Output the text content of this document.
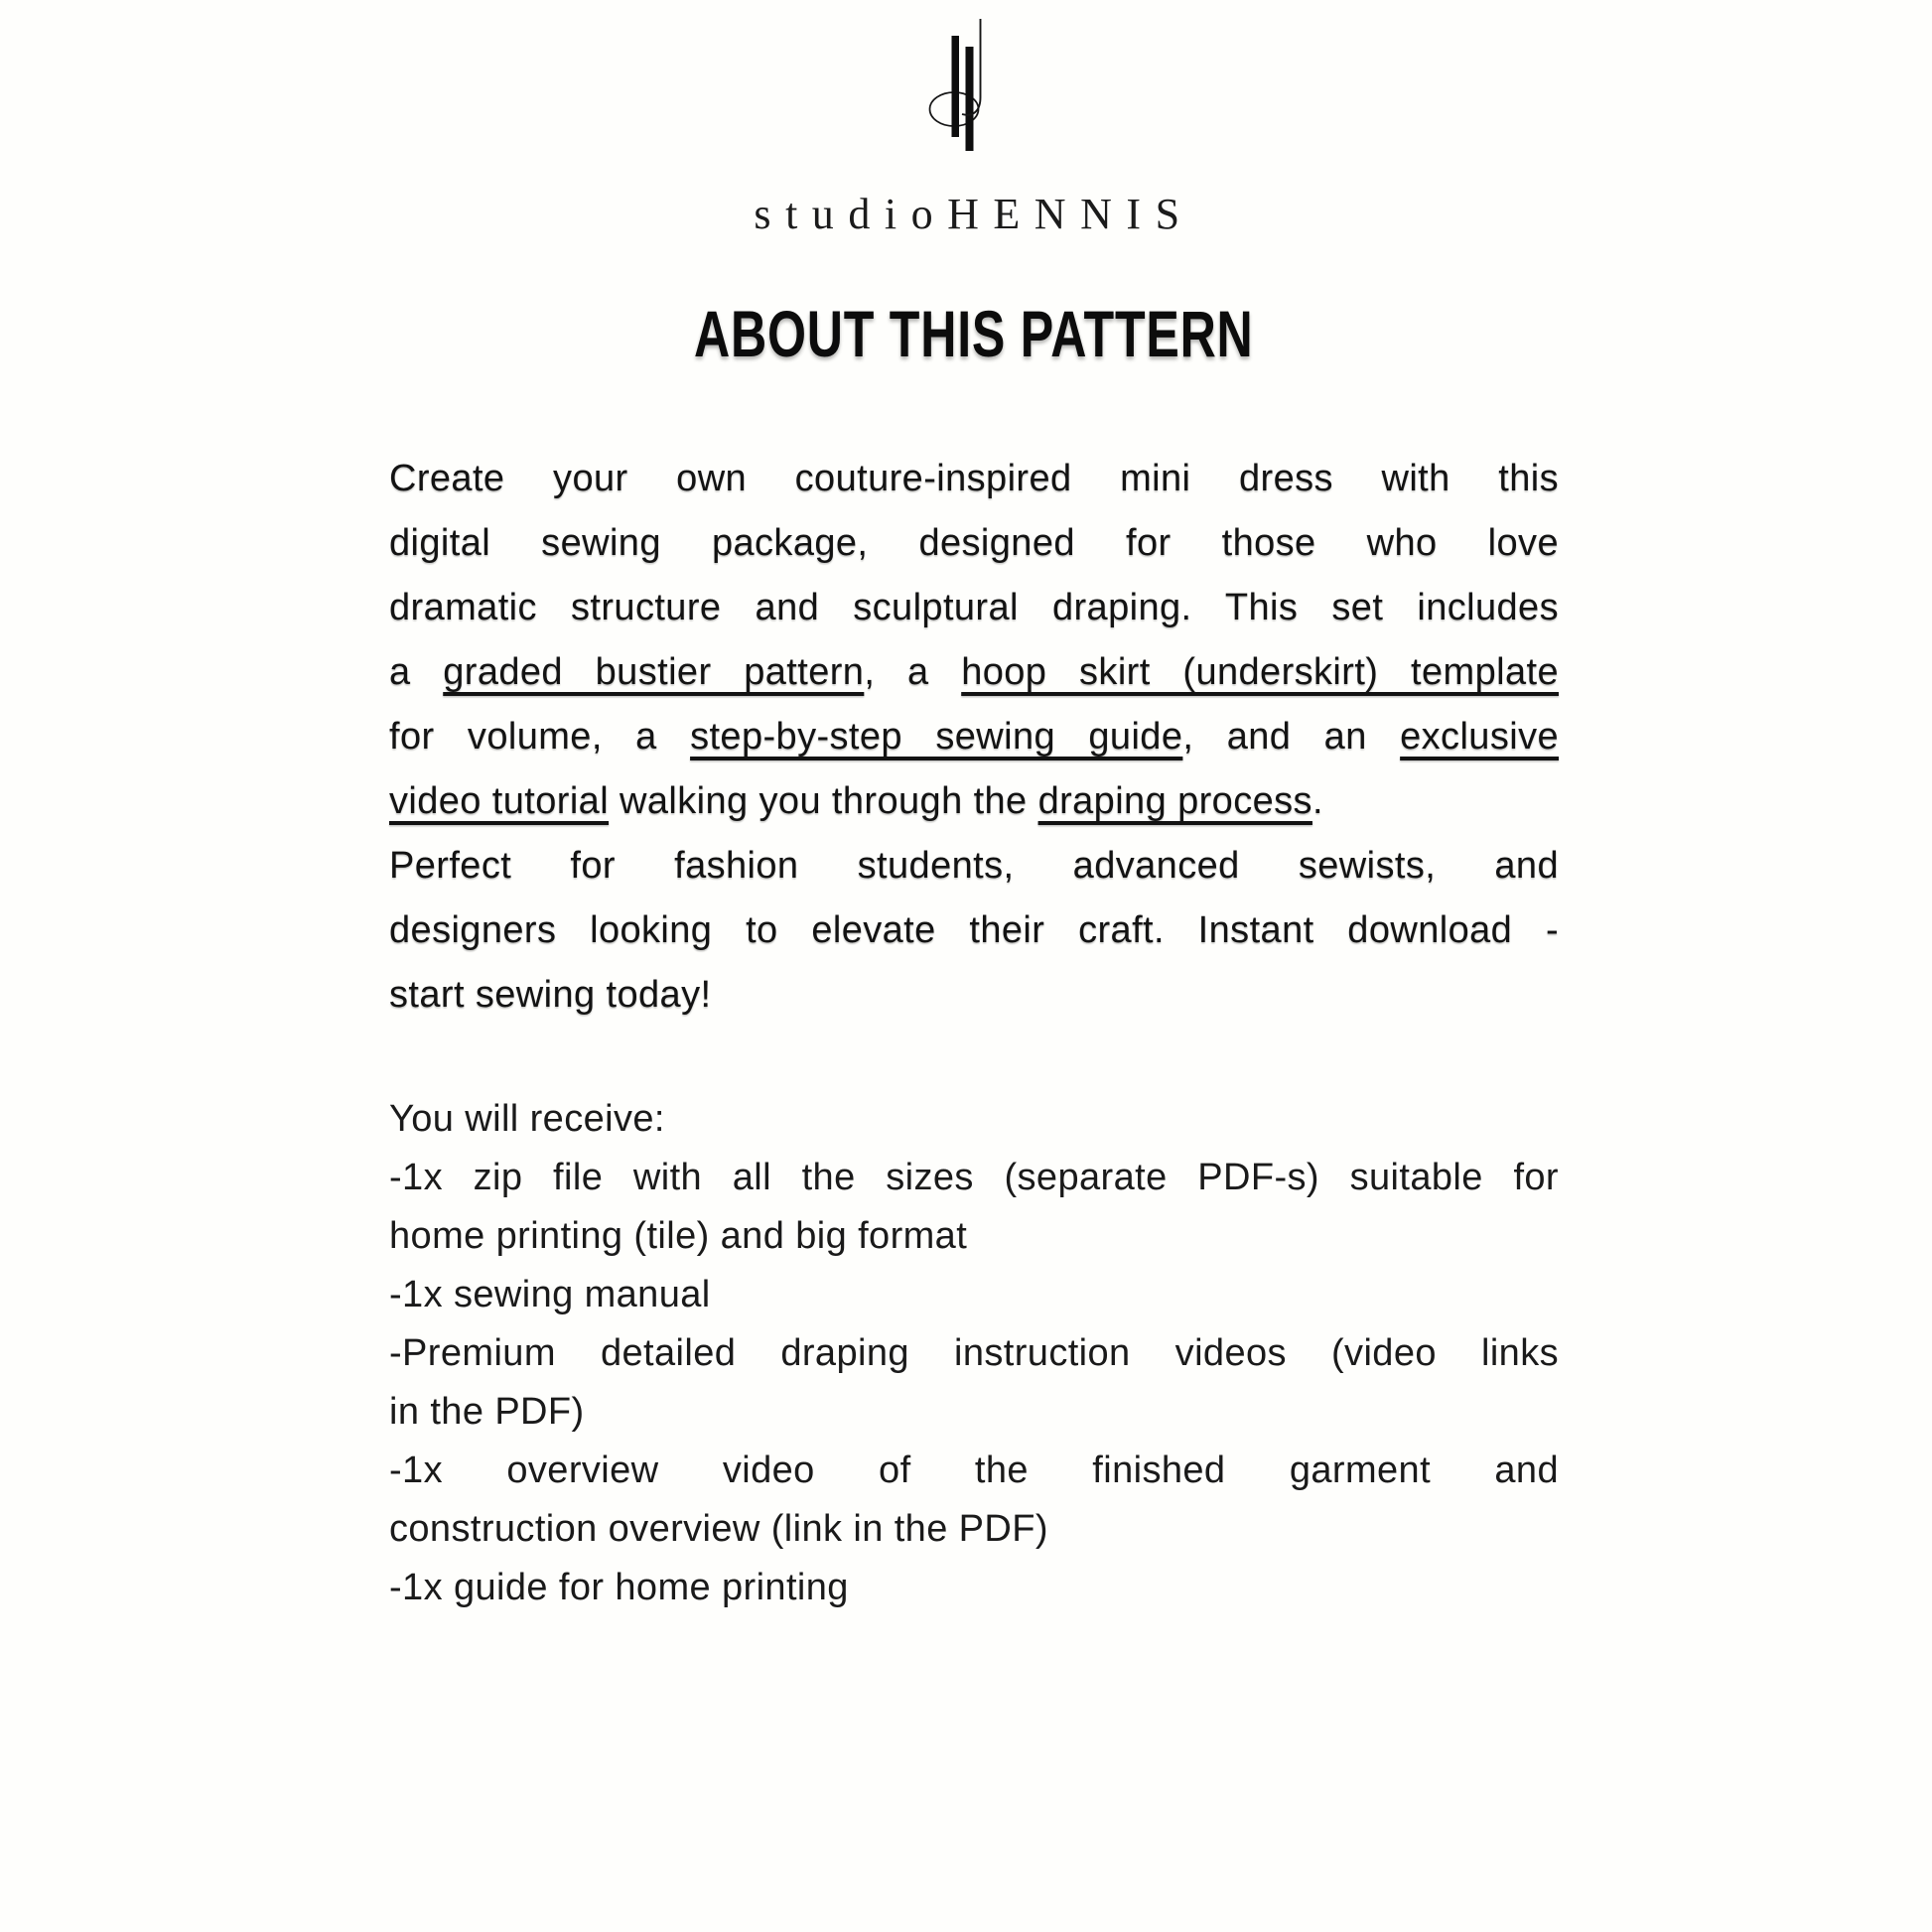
studioHENNIS
ABOUT THIS PATTERN
Create your own couture-inspired mini dress with this
digital sewing package, designed for those who love
dramatic structure and sculptural draping. This set includes
a graded bustier pattern, a hoop skirt (underskirt) template
for volume, a step-by-step sewing guide, and an exclusive
video tutorial walking you through the draping process.
Perfect for fashion students, advanced sewists, and
designers looking to elevate their craft. Instant download -
start sewing today!
You will receive:
-1x zip file with all the sizes (separate PDF-s) suitable for
home printing (tile) and big format
-1x sewing manual
-Premium detailed draping instruction videos (video links
in the PDF)
-1x overview video of the finished garment and
construction overview (link in the PDF)
-1x guide for home printing
